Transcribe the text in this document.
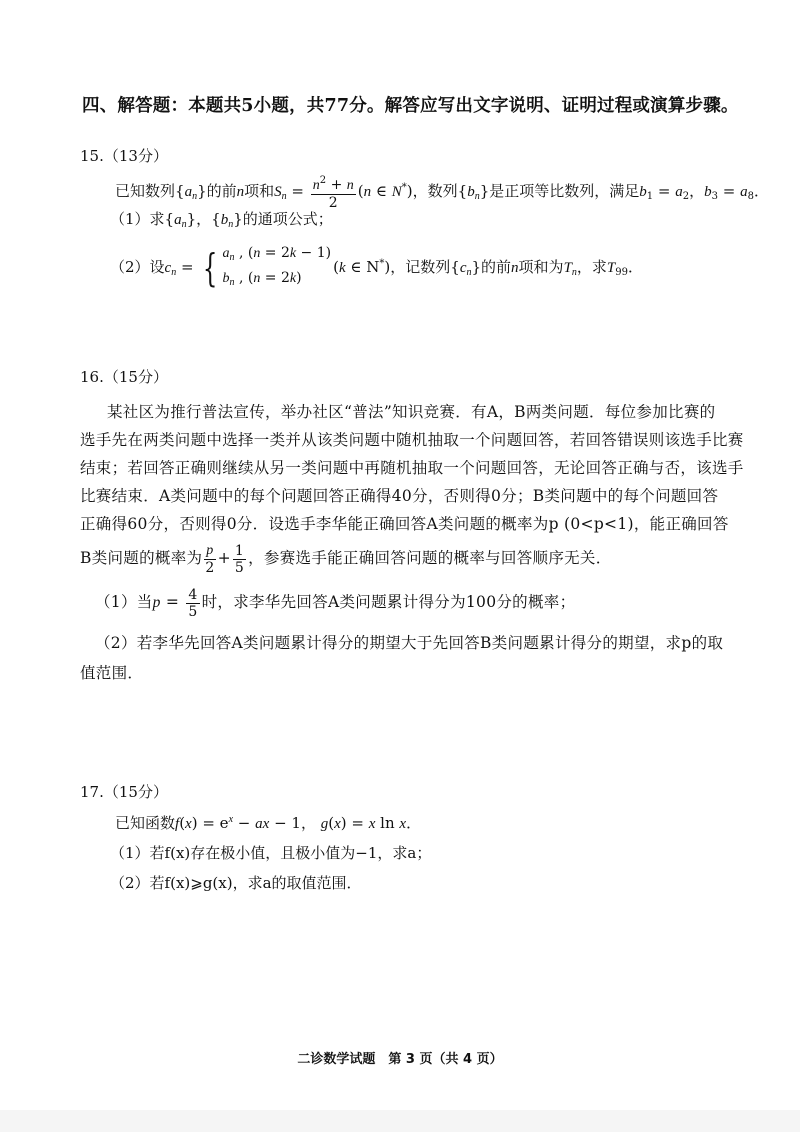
四、解答题：本题共5小题，共77分。解答应写出文字说明、证明过程或演算步骤。
15.（13分）
已知数列$\{a_n\}$的前n项和$S_n = \frac{n^2 + n}{2} (n$ ∈ N*)，数列$\{b_n\}$是正项等比数列，满足$b_1 = a_2$，$b_3 = a_8$．
（1）求$\{a_n\}$，$\{b_n\}$的通项公式；
（2）设$c_n$ = { $a_n$ , (n = 2k − 1)
$b_n$ , (n = 2k)
(k ∈ N*)，记数列$\{c_n\}$的前n项和为$T_n$，求$T_{99}$．
16.（15分）
某社区为推行普法宣传，举办社区“普法”知识竞赛．有A，B两类问题．每位参加比赛的
选手先在两类问题中选择一类并从该类问题中随机抽取一个问题回答，若回答错误则该选手比赛
结束；若回答正确则继续从另一类问题中再随机抽取一个问题回答，无论回答正确与否，该选手
比赛结束．A类问题中的每个问题回答正确得40分，否则得0分；B类问题中的每个问题回答
正确得60分，否则得0分．设选手李华能正确回答A类问题的概率为p (0<p<1)，能正确回答
B类问题的概率为 $\frac{p}{2} + \frac{1}{5}$ ，参赛选手能正确回答问题的概率与回答顺序无关．
（1）当$p = \frac{4}{5}$ 时，求李华先回答A类问题累计得分为100分的概率；
（2）若李华先回答A类问题累计得分的期望大于先回答B类问题累计得分的期望，求p的取
值范围．
17.（15分）
已知函数$f(x) = e^x$ − ax − 1， g(x) = x ln x．
（1）若f(x)存在极小值，且极小值为−1，求a；
（2）若f(x)⩾g(x)，求a的取值范围．
二诊数学试题　第 3 页（共 4 页）
